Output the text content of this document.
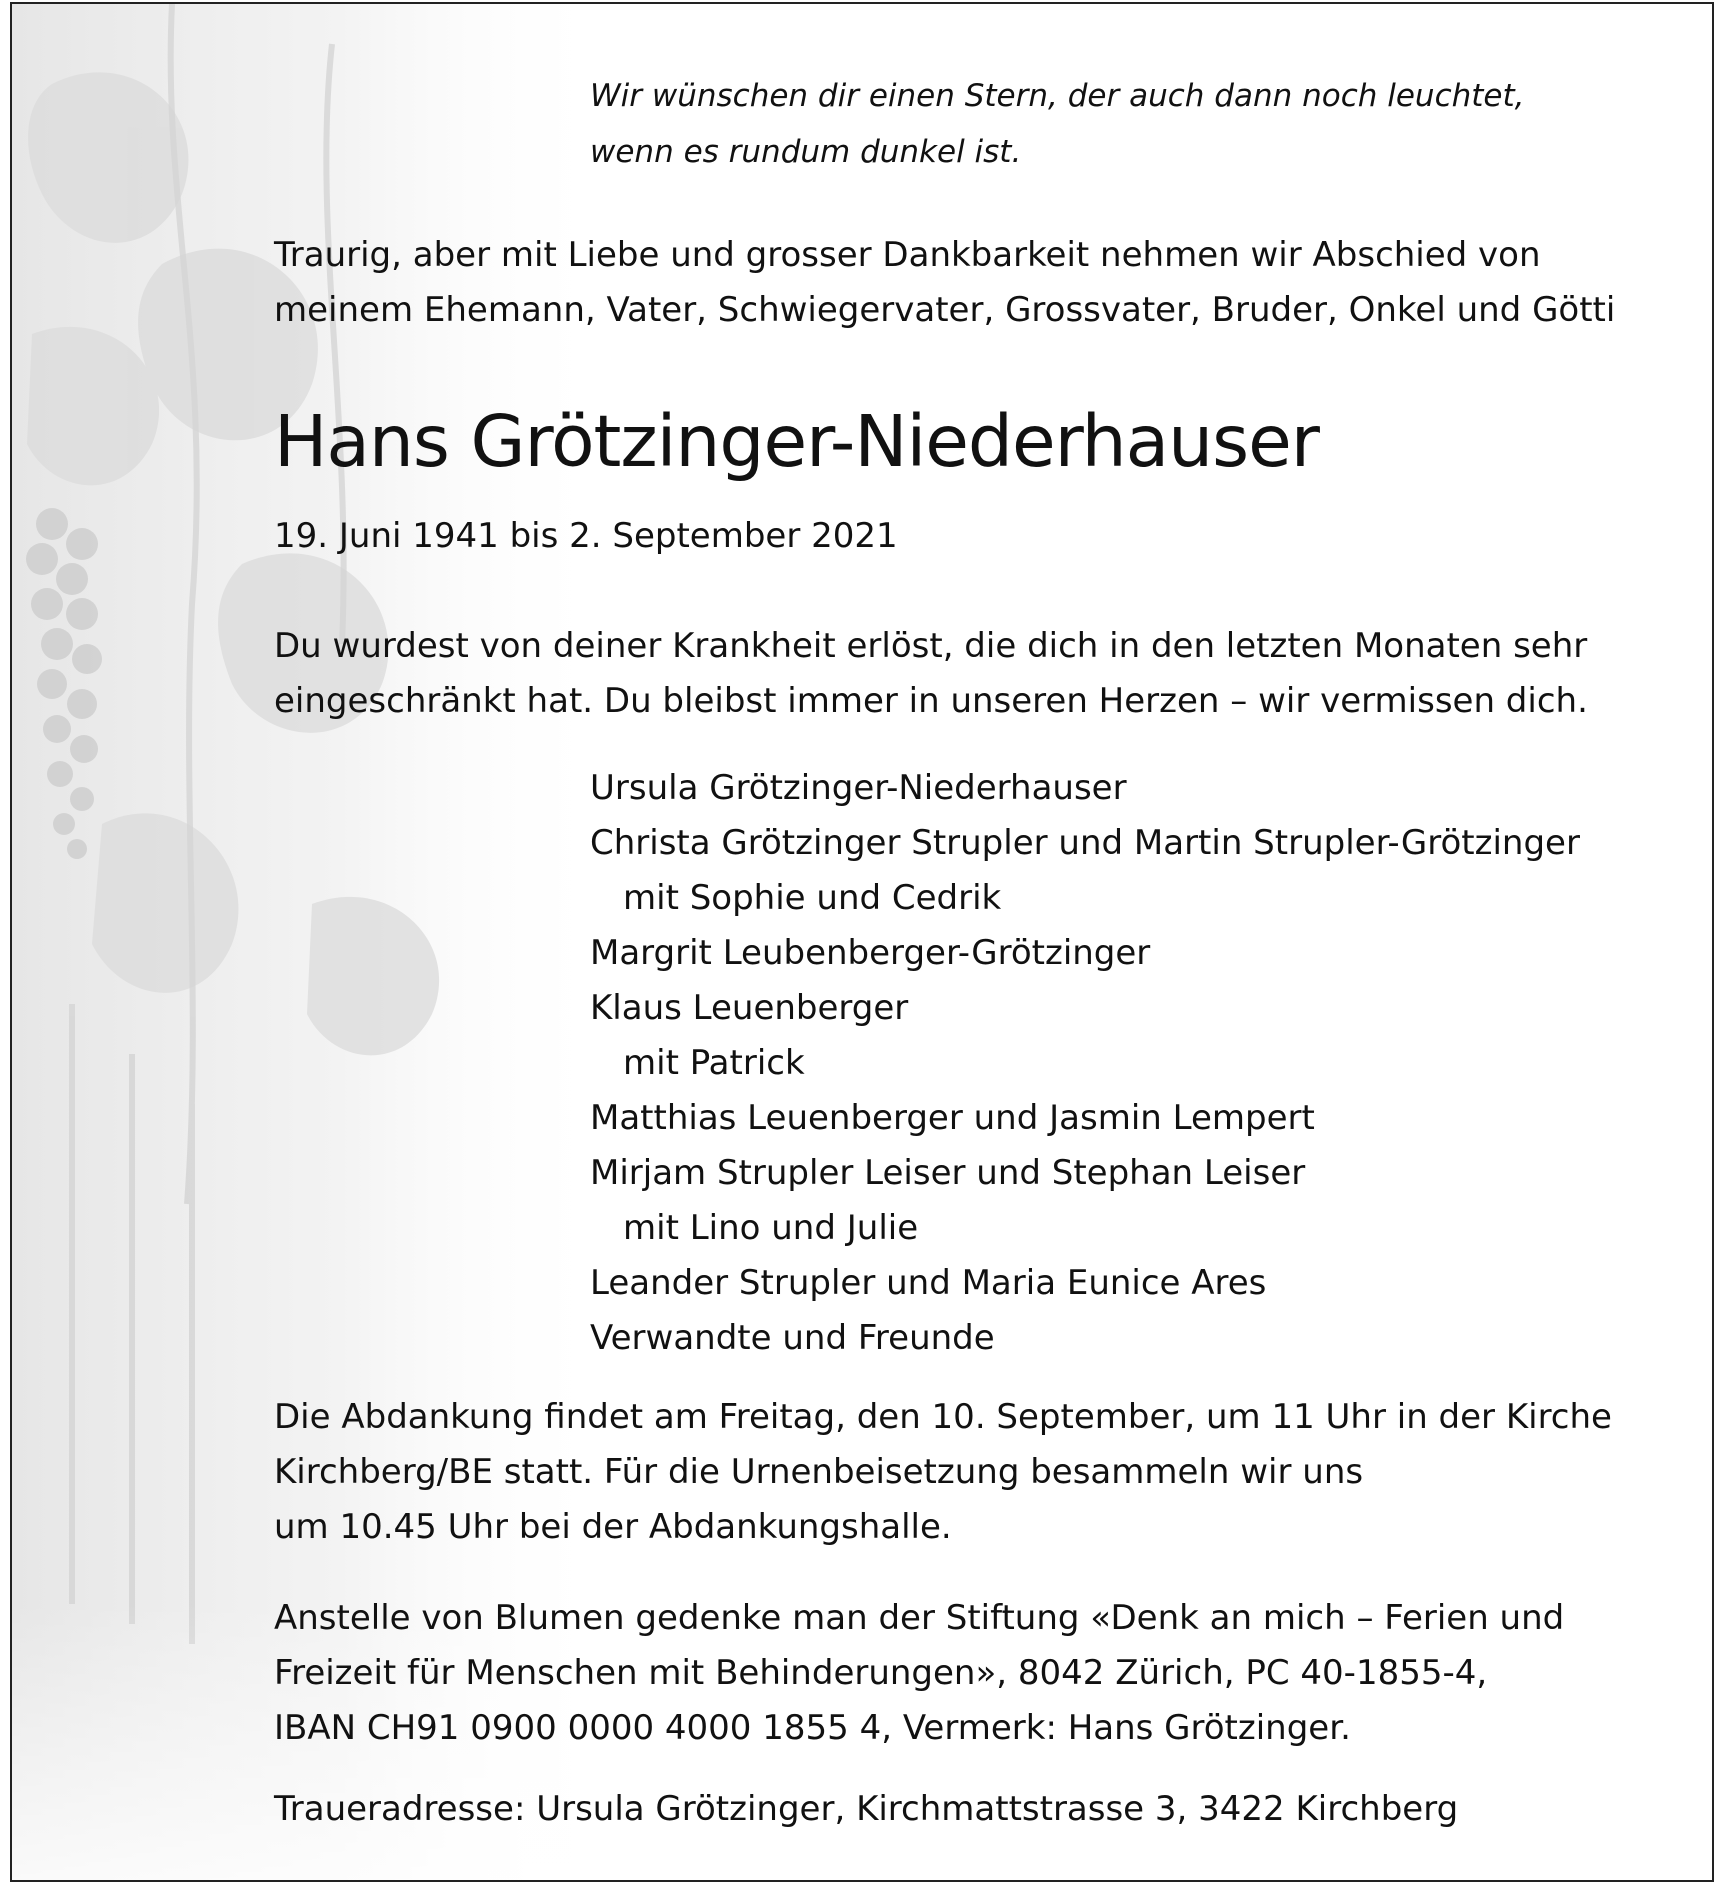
Wir wünschen dir einen Stern, der auch dann noch leuchtet,
wenn es rundum dunkel ist.

Traurig, aber mit Liebe und grosser Dankbarkeit nehmen wir Abschied von
meinem Ehemann, Vater, Schwiegervater, Grossvater, Bruder, Onkel und Götti

Hans Grötzinger-Niederhauser

19. Juni 1941 bis 2. September 2021

Du wurdest von deiner Krankheit erlöst, die dich in den letzten Monaten sehr
eingeschränkt hat. Du bleibst immer in unseren Herzen – wir vermissen dich.

Ursula Grötzinger-Niederhauser
Christa Grötzinger Strupler und Martin Strupler-Grötzinger
mit Sophie und Cedrik
Margrit Leubenberger-Grötzinger
Klaus Leuenberger
mit Patrick
Matthias Leuenberger und Jasmin Lempert
Mirjam Strupler Leiser und Stephan Leiser
mit Lino und Julie
Leander Strupler und Maria Eunice Ares
Verwandte und Freunde

Die Abdankung findet am Freitag, den 10. September, um 11 Uhr in der Kirche
Kirchberg/BE statt. Für die Urnenbeisetzung besammeln wir uns
um 10.45 Uhr bei der Abdankungshalle.

Anstelle von Blumen gedenke man der Stiftung «Denk an mich – Ferien und
Freizeit für Menschen mit Behinderungen», 8042 Zürich, PC 40-1855-4,
IBAN CH91 0900 0000 4000 1855 4, Vermerk: Hans Grötzinger.

Traueradresse: Ursula Grötzinger, Kirchmattstrasse 3, 3422 Kirchberg
